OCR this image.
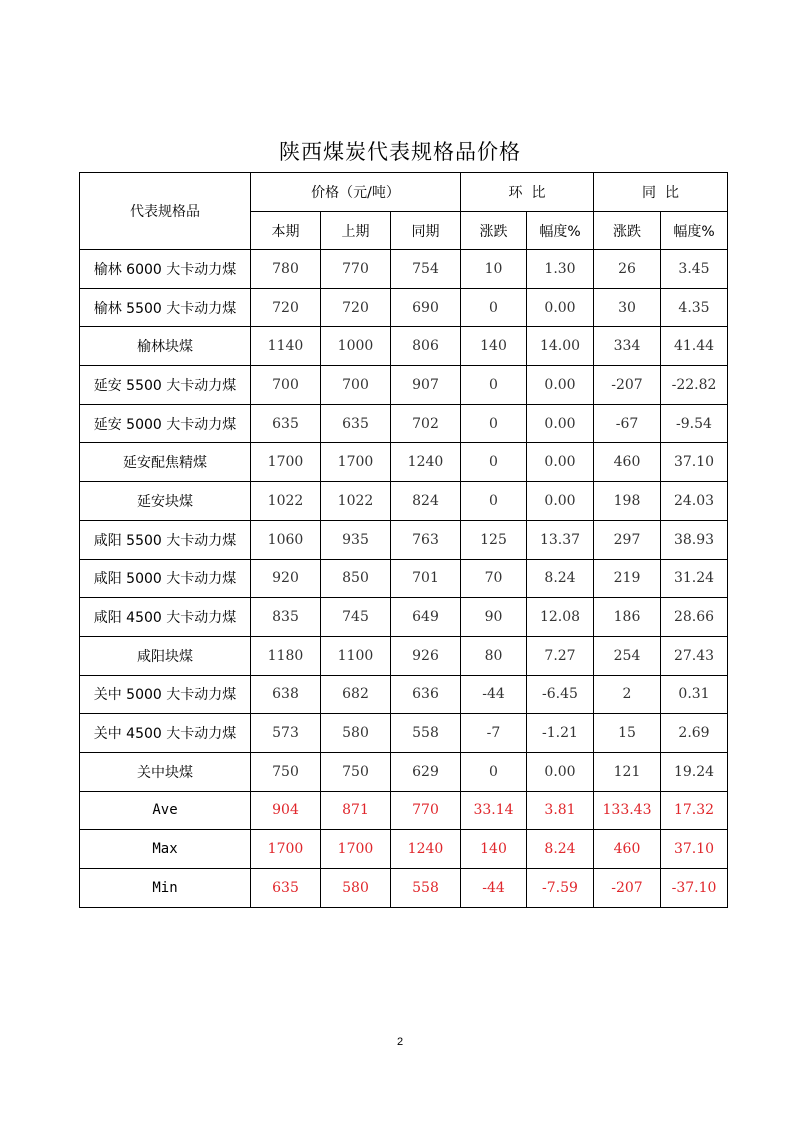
陕西煤炭代表规格品价格
代表规格品	价格（元/吨）			环  比		同  比	
	本期	上期	同期	涨跌	幅度%	涨跌	幅度%
榆林 6000 大卡动力煤	780	770	754	10	1.30	26	3.45
榆林 5500 大卡动力煤	720	720	690	0	0.00	30	4.35
榆林块煤	1140	1000	806	140	14.00	334	41.44
延安 5500 大卡动力煤	700	700	907	0	0.00	-207	-22.82
延安 5000 大卡动力煤	635	635	702	0	0.00	-67	-9.54
延安配焦精煤	1700	1700	1240	0	0.00	460	37.10
延安块煤	1022	1022	824	0	0.00	198	24.03
咸阳 5500 大卡动力煤	1060	935	763	125	13.37	297	38.93
咸阳 5000 大卡动力煤	920	850	701	70	8.24	219	31.24
咸阳 4500 大卡动力煤	835	745	649	90	12.08	186	28.66
咸阳块煤	1180	1100	926	80	7.27	254	27.43
关中 5000 大卡动力煤	638	682	636	-44	-6.45	2	0.31
关中 4500 大卡动力煤	573	580	558	-7	-1.21	15	2.69
关中块煤	750	750	629	0	0.00	121	19.24
Ave	904	871	770	33.14	3.81	133.43	17.32
Max	1700	1700	1240	140	8.24	460	37.10
Min	635	580	558	-44	-7.59	-207	-37.10
2
